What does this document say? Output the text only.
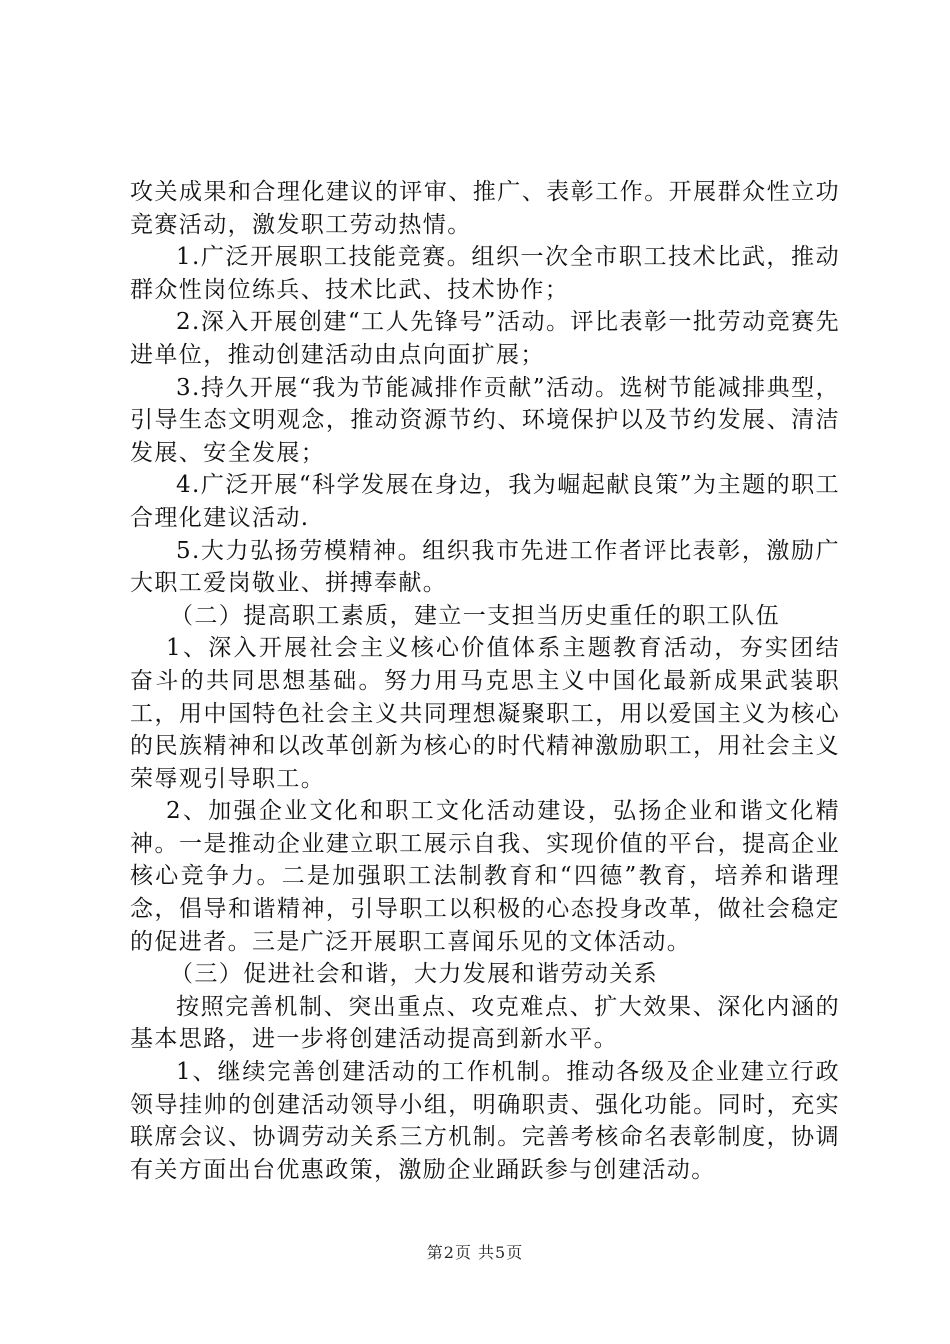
攻关成果和合理化建议的评审、推广、表彰工作。开展群众性立功竞赛活动，激发职工劳动热情。

1.广泛开展职工技能竞赛。组织一次全市职工技术比武，推动群众性岗位练兵、技术比武、技术协作；

2.深入开展创建“工人先锋号”活动。评比表彰一批劳动竞赛先进单位，推动创建活动由点向面扩展；

3.持久开展“我为节能减排作贡献”活动。选树节能减排典型，引导生态文明观念，推动资源节约、环境保护以及节约发展、清洁发展、安全发展；

4.广泛开展“科学发展在身边，我为崛起献良策”为主题的职工合理化建议活动.

5.大力弘扬劳模精神。组织我市先进工作者评比表彰，激励广大职工爱岗敬业、拼搏奉献。

（二）提高职工素质，建立一支担当历史重任的职工队伍

1、深入开展社会主义核心价值体系主题教育活动，夯实团结奋斗的共同思想基础。努力用马克思主义中国化最新成果武装职工，用中国特色社会主义共同理想凝聚职工，用以爱国主义为核心的民族精神和以改革创新为核心的时代精神激励职工，用社会主义荣辱观引导职工。

2、加强企业文化和职工文化活动建设，弘扬企业和谐文化精神。一是推动企业建立职工展示自我、实现价值的平台，提高企业核心竞争力。二是加强职工法制教育和“四德”教育，培养和谐理念，倡导和谐精神，引导职工以积极的心态投身改革，做社会稳定的促进者。三是广泛开展职工喜闻乐见的文体活动。

（三）促进社会和谐，大力发展和谐劳动关系

按照完善机制、突出重点、攻克难点、扩大效果、深化内涵的基本思路，进一步将创建活动提高到新水平。

1、继续完善创建活动的工作机制。推动各级及企业建立行政领导挂帅的创建活动领导小组，明确职责、强化功能。同时，充实联席会议、协调劳动关系三方机制。完善考核命名表彰制度，协调有关方面出台优惠政策，激励企业踊跃参与创建活动。

第2页 共5页
